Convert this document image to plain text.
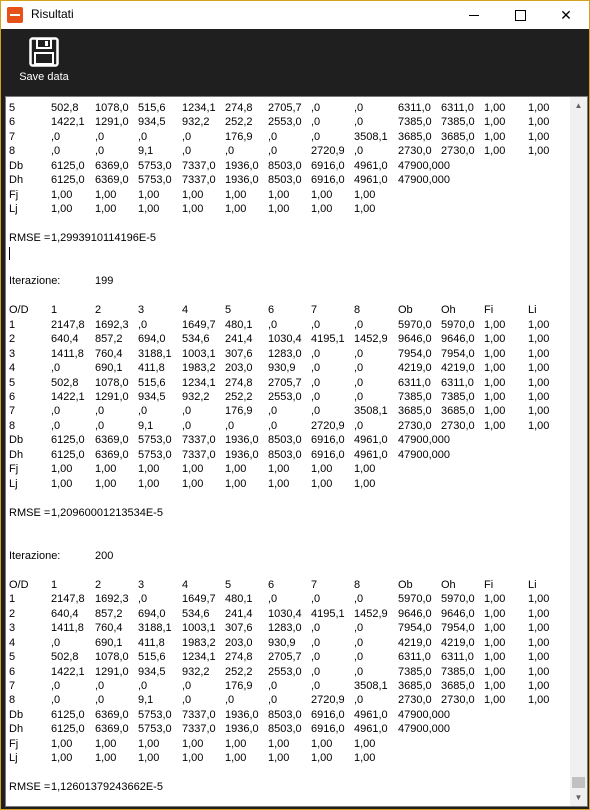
Risultati	✕
Save data
5	502,8 1078,0 515,6 1234,1 274,8 2705,7 ,0	,0	6311,0 6311,0 1,00 1,00
6	1422,1 1291,0 934,5 932,2 252,2 2553,0 ,0	,0	7385,0 7385,0 1,00 1,00
7	,0	,0	,0	,0	176,9 ,0	,0	3508,1 3685,0 3685,0 1,00 1,00
8	,0	,0	9,1	,0	,0	,0	2720,9 ,0	2730,0 2730,0 1,00 1,00
Db	6125,0 6369,0 5753,0 7337,0 1936,0 8503,0 6916,0 4961,0 47900,000
Dh	6125,0 6369,0 5753,0 7337,0 1936,0 8503,0 6916,0 4961,0 47900,000
Fj	1,00 1,00 1,00 1,00 1,00 1,00 1,00 1,00
Lj	1,00 1,00 1,00 1,00 1,00 1,00 1,00 1,00
RMSE = 1,2993910114196E-5
Iterazione:	199
O/D 1	2	3	4	5	6	7	8	Ob	Oh	Fi	Li
1	2147,8 1692,3 ,0	1649,7 480,1 ,0	,0	,0	5970,0 5970,0 1,00 1,00
2	640,4 857,2 694,0 534,6 241,4 1030,4 4195,1 1452,9 9646,0 9646,0 1,00 1,00
3	1411,8 760,4 3188,1 1003,1 307,6 1283,0 ,0	,0	7954,0 7954,0 1,00 1,00
4	,0	690,1 411,8 1983,2 203,0 930,9 ,0	,0	4219,0 4219,0 1,00 1,00
5	502,8 1078,0 515,6 1234,1 274,8 2705,7 ,0	,0	6311,0 6311,0 1,00 1,00
6	1422,1 1291,0 934,5 932,2 252,2 2553,0 ,0	,0	7385,0 7385,0 1,00 1,00
7	,0	,0	,0	,0	176,9 ,0	,0	3508,1 3685,0 3685,0 1,00 1,00
8	,0	,0	9,1	,0	,0	,0	2720,9 ,0	2730,0 2730,0 1,00 1,00
Db	6125,0 6369,0 5753,0 7337,0 1936,0 8503,0 6916,0 4961,0 47900,000
Dh	6125,0 6369,0 5753,0 7337,0 1936,0 8503,0 6916,0 4961,0 47900,000
Fj	1,00 1,00 1,00 1,00 1,00 1,00 1,00 1,00
Lj	1,00 1,00 1,00 1,00 1,00 1,00 1,00 1,00
RMSE = 1,20960001213534E-5
Iterazione:	200
O/D 1	2	3	4	5	6	7	8	Ob	Oh	Fi	Li
1	2147,8 1692,3 ,0	1649,7 480,1 ,0	,0	,0	5970,0 5970,0 1,00 1,00
2	640,4 857,2 694,0 534,6 241,4 1030,4 4195,1 1452,9 9646,0 9646,0 1,00 1,00
3	1411,8 760,4 3188,1 1003,1 307,6 1283,0 ,0	,0	7954,0 7954,0 1,00 1,00
4	,0	690,1 411,8 1983,2 203,0 930,9 ,0	,0	4219,0 4219,0 1,00 1,00
5	502,8 1078,0 515,6 1234,1 274,8 2705,7 ,0	,0	6311,0 6311,0 1,00 1,00
6	1422,1 1291,0 934,5 932,2 252,2 2553,0 ,0	,0	7385,0 7385,0 1,00 1,00
7	,0	,0	,0	,0	176,9 ,0	,0	3508,1 3685,0 3685,0 1,00 1,00
8	,0	,0	9,1	,0	,0	,0	2720,9 ,0	2730,0 2730,0 1,00 1,00
Db	6125,0 6369,0 5753,0 7337,0 1936,0 8503,0 6916,0 4961,0 47900,000
Dh	6125,0 6369,0 5753,0 7337,0 1936,0 8503,0 6916,0 4961,0 47900,000
Fj	1,00 1,00 1,00 1,00 1,00 1,00 1,00 1,00
Lj	1,00 1,00 1,00 1,00 1,00 1,00 1,00 1,00
RMSE = 1,12601379243662E-5
▲
▼
